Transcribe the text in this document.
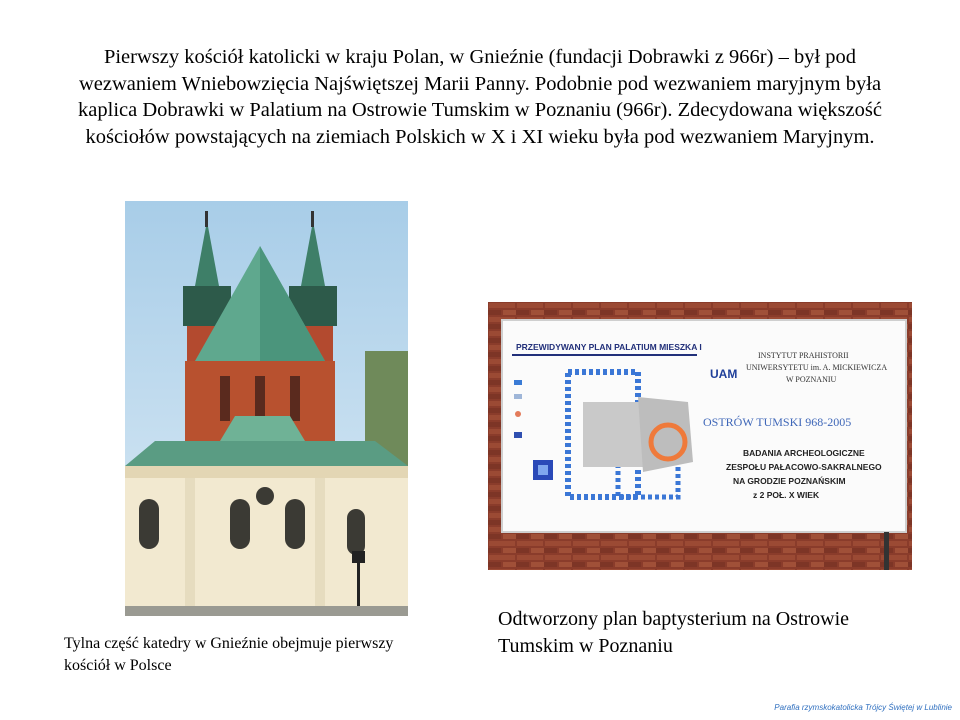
Pierwszy kościół katolicki w kraju Polan, w Gnieźnie (fundacji Dobrawki z 966r) – był pod wezwaniem Wniebowzięcia Najświętszej Marii Panny. Podobnie pod wezwaniem maryjnym była kaplica Dobrawki w Palatium na Ostrowie Tumskim w Poznaniu (966r). Zdecydowana większość kościołów powstających na ziemiach Polskich w X i XI wieku była pod wezwaniem Maryjnym.
PRZEWIDYWANY PLAN PALATIUM MIESZKA I
UAM
INSTYTUT PRAHISTORII
UNIWERSYTETU im. A. MICKIEWICZA
W POZNANIU
OSTRÓW TUMSKI 968-2005
BADANIA ARCHEOLOGICZNE
ZESPOŁU PAŁACOWO-SAKRALNEGO
NA GRODZIE POZNAŃSKIM
z 2 POŁ. X WIEK
Tylna część katedry w Gnieźnie obejmuje pierwszy kościół w Polsce
Odtworzony plan baptysterium na Ostrowie Tumskim w Poznaniu
Parafia rzymskokatolicka Trójcy Świętej w Lublinie
